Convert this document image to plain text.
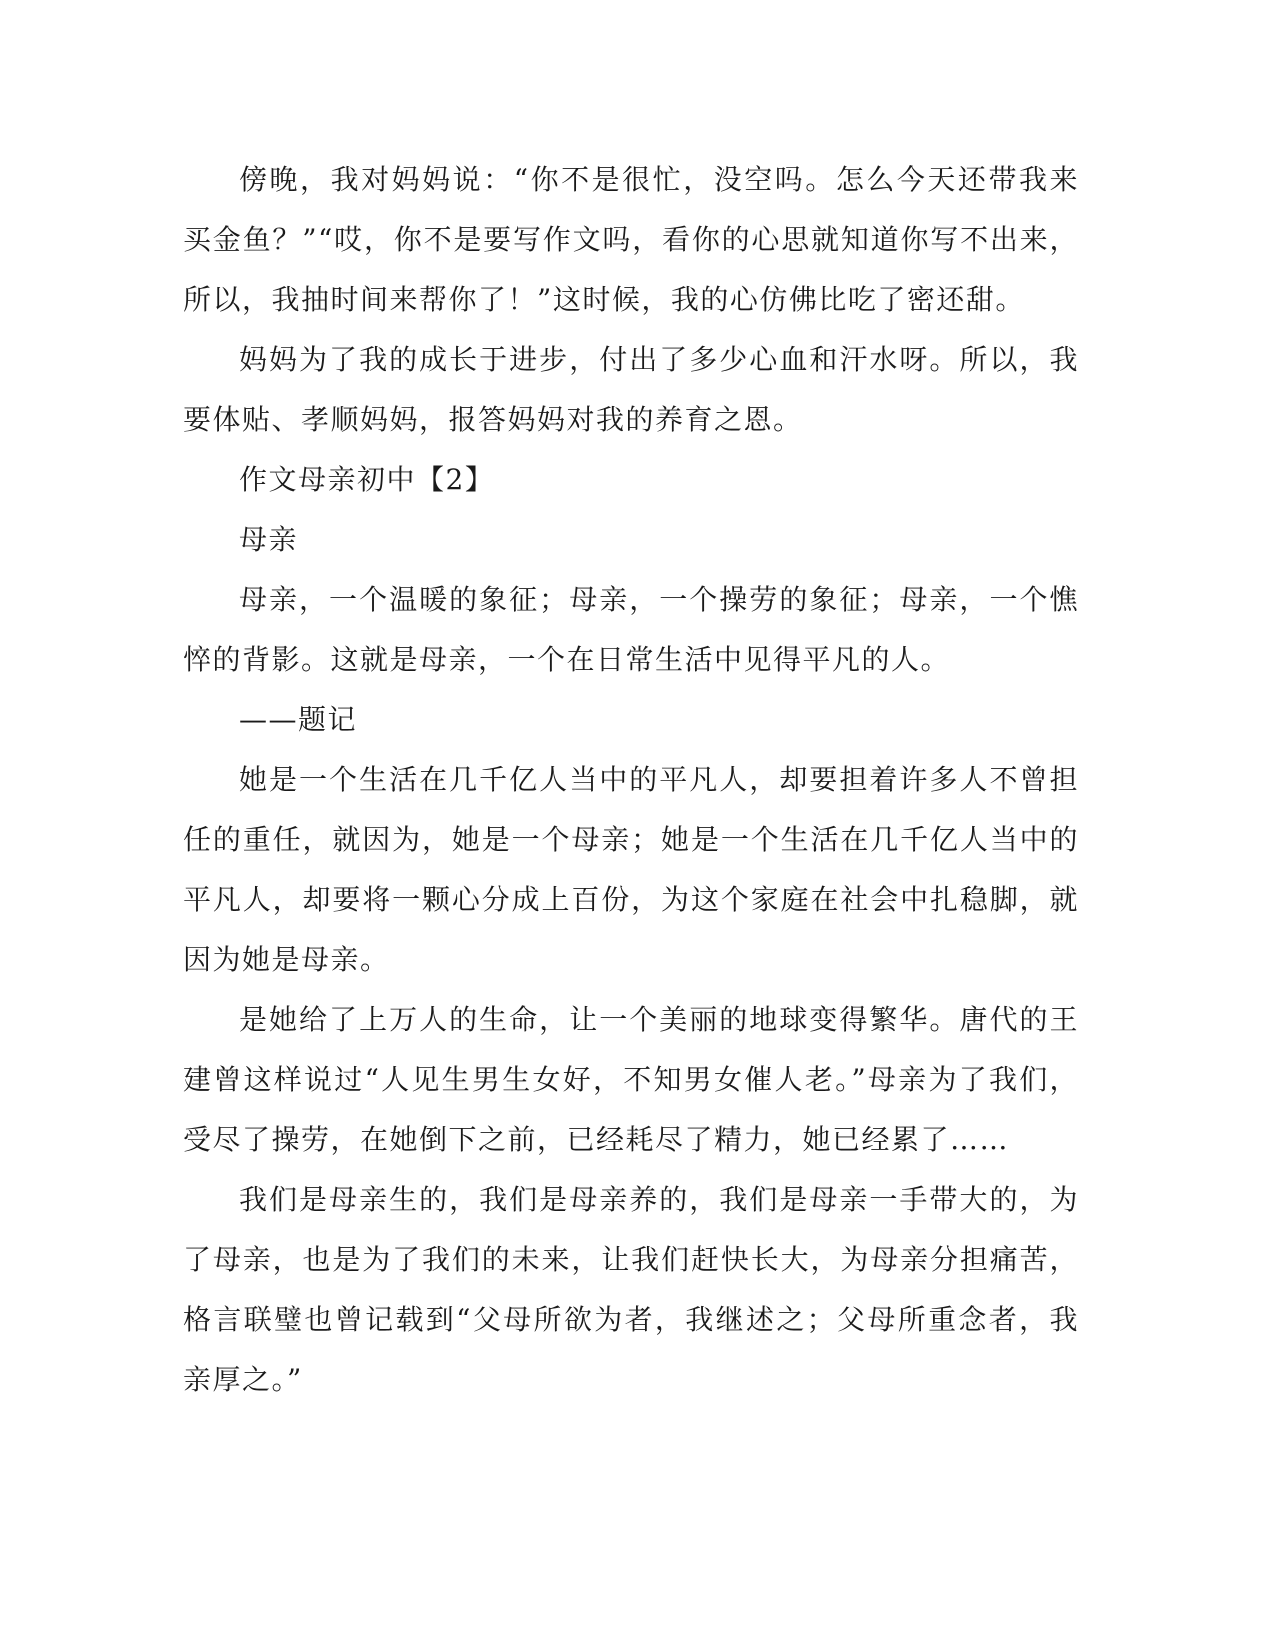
傍晚，我对妈妈说：“你不是很忙，没空吗。怎么今天还带我来买金鱼？”“哎，你不是要写作文吗，看你的心思就知道你写不出来，所以，我抽时间来帮你了！”这时候，我的心仿佛比吃了密还甜。

妈妈为了我的成长于进步，付出了多少心血和汗水呀。所以，我要体贴、孝顺妈妈，报答妈妈对我的养育之恩。

作文母亲初中【2】

母亲

母亲，一个温暖的象征；母亲，一个操劳的象征；母亲，一个憔悴的背影。这就是母亲，一个在日常生活中见得平凡的人。

——题记

她是一个生活在几千亿人当中的平凡人，却要担着许多人不曾担任的重任，就因为，她是一个母亲；她是一个生活在几千亿人当中的平凡人，却要将一颗心分成上百份，为这个家庭在社会中扎稳脚，就因为她是母亲。

是她给了上万人的生命，让一个美丽的地球变得繁华。唐代的王建曾这样说过“人见生男生女好，不知男女催人老。”母亲为了我们，受尽了操劳，在她倒下之前，已经耗尽了精力，她已经累了……

我们是母亲生的，我们是母亲养的，我们是母亲一手带大的，为了母亲，也是为了我们的未来，让我们赶快长大，为母亲分担痛苦，格言联璧也曾记载到“父母所欲为者，我继述之；父母所重念者，我亲厚之。”
